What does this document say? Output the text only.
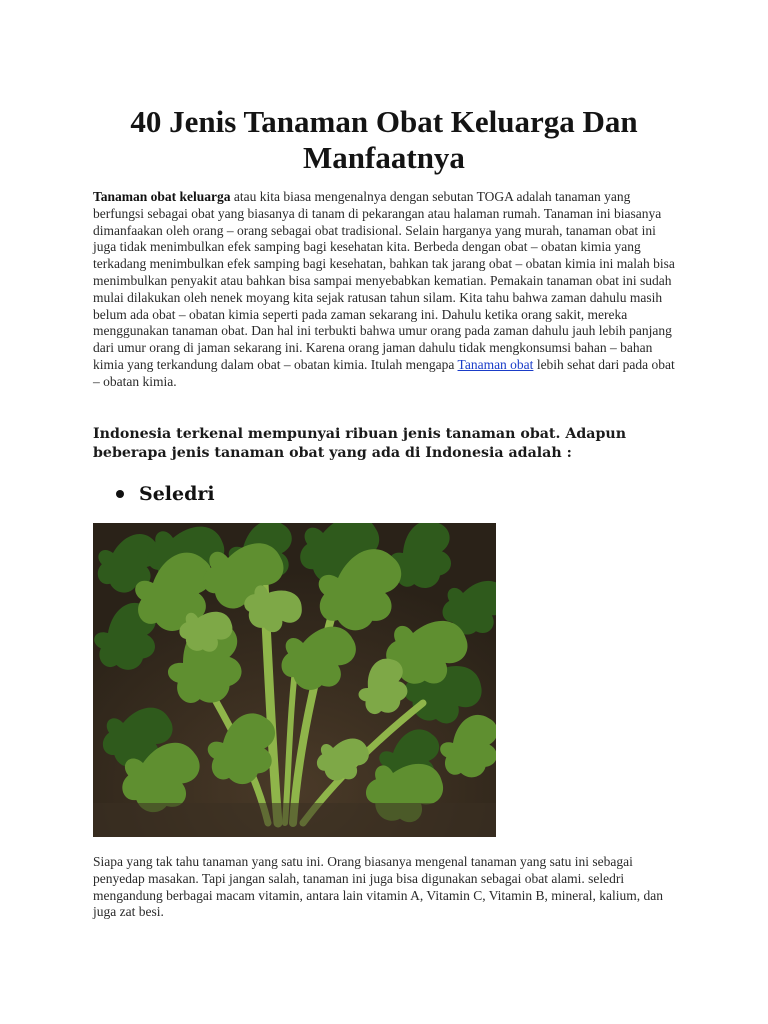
40 Jenis Tanaman Obat Keluarga Dan Manfaatnya

Tanaman obat keluarga atau kita biasa mengenalnya dengan sebutan TOGA adalah tanaman yang berfungsi sebagai obat yang biasanya di tanam di pekarangan atau halaman rumah. Tanaman ini biasanya dimanfaakan oleh orang – orang sebagai obat tradisional. Selain harganya yang murah, tanaman obat ini juga tidak menimbulkan efek samping bagi kesehatan kita. Berbeda dengan obat – obatan kimia yang terkadang menimbulkan efek samping bagi kesehatan, bahkan tak jarang obat – obatan kimia ini malah bisa menimbulkan penyakit atau bahkan bisa sampai menyebabkan kematian. Pemakain tanaman obat ini sudah mulai dilakukan oleh nenek moyang kita sejak ratusan tahun silam. Kita tahu bahwa zaman dahulu masih belum ada obat – obatan kimia seperti pada zaman sekarang ini. Dahulu ketika orang sakit, mereka menggunakan tanaman obat. Dan hal ini terbukti bahwa umur orang pada zaman dahulu jauh lebih panjang dari umur orang di jaman sekarang ini. Karena orang jaman dahulu tidak mengkonsumsi bahan – bahan kimia yang terkandung dalam obat – obatan kimia. Itulah mengapa Tanaman obat lebih sehat dari pada obat – obatan kimia.

Indonesia terkenal mempunyai ribuan jenis tanaman obat. Adapun beberapa jenis tanaman obat yang ada di Indonesia adalah :

Seledri

Siapa yang tak tahu tanaman yang satu ini. Orang biasanya mengenal tanaman yang satu ini sebagai penyedap masakan. Tapi jangan salah, tanaman ini juga bisa digunakan sebagai obat alami. seledri mengandung berbagai macam vitamin, antara lain vitamin A, Vitamin C, Vitamin B, mineral, kalium, dan juga zat besi.
